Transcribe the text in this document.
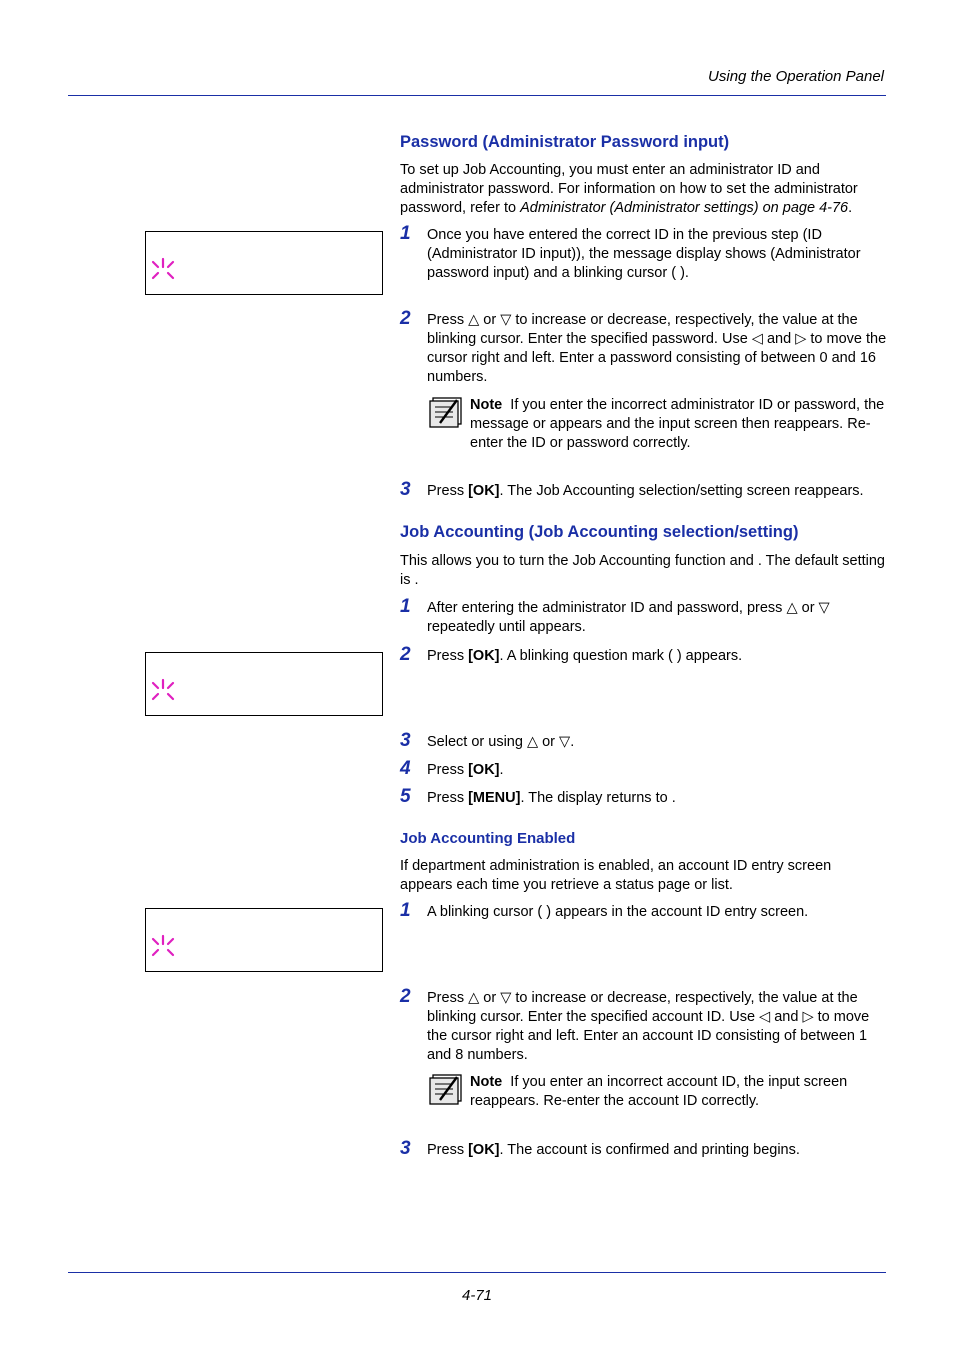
Using the Operation Panel
Password (Administrator Password input)
To set up Job Accounting, you must enter an administrator ID and administrator password. For information on how to set the administrator password, refer to Administrator (Administrator settings) on page 4-76.
1 Once you have entered the correct ID in the previous step (ID (Administrator ID input)), the message display shows (Administrator password input) and a blinking cursor ( ).
2 Press △ or ▽ to increase or decrease, respectively, the value at the blinking cursor. Enter the specified password. Use ◁ and ▷ to move the cursor right and left. Enter a password consisting of between 0 and 16 numbers.
Note If you enter the incorrect administrator ID or password, the message or appears and the input screen then reappears. Re-enter the ID or password correctly.
3 Press [OK]. The Job Accounting selection/setting screen reappears.
Job Accounting (Job Accounting selection/setting)
This allows you to turn the Job Accounting function and . The default setting is .
1 After entering the administrator ID and password, press △ or ▽ repeatedly until appears.
2 Press [OK]. A blinking question mark ( ) appears.
3 Select or using △ or ▽.
4 Press [OK].
5 Press [MENU]. The display returns to .
Job Accounting Enabled
If department administration is enabled, an account ID entry screen appears each time you retrieve a status page or list.
1 A blinking cursor ( ) appears in the account ID entry screen.
2 Press △ or ▽ to increase or decrease, respectively, the value at the blinking cursor. Enter the specified account ID. Use ◁ and ▷ to move the cursor right and left. Enter an account ID consisting of between 1 and 8 numbers.
Note If you enter an incorrect account ID, the input screen reappears. Re-enter the account ID correctly.
3 Press [OK]. The account is confirmed and printing begins.
4-71
